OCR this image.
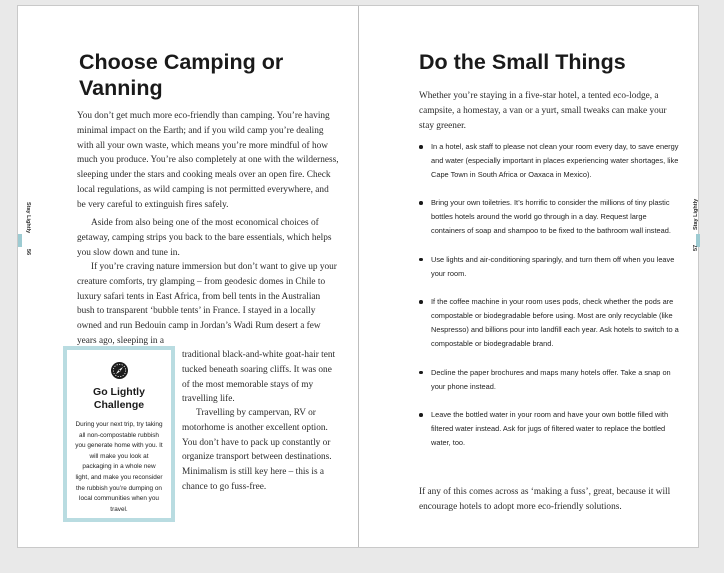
Choose Camping or Vanning

You don’t get much more eco-friendly than camping. You’re having minimal impact on the Earth; and if you wild camp you’re dealing with all your own waste, which means you’re more mindful of how much you produce. You’re also completely at one with the wilderness, sleeping under the stars and cooking meals over an open fire. Check local regulations, as wild camping is not permitted everywhere, and be very careful to extinguish fires safely.

Aside from also being one of the most economical choices of getaway, camping strips you back to the bare essentials, which helps you slow down and tune in.

If you’re craving nature immersion but don’t want to give up your creature comforts, try glamping – from geodesic domes in Chile to luxury safari tents in East Africa, from bell tents in the Australian bush to transparent ‘bubble tents’ in France. I stayed in a locally owned and run Bedouin camp in Jordan’s Wadi Rum desert a few years ago, sleeping in a

traditional black-and-white goat-hair tent tucked beneath soaring cliffs. It was one of the most memorable stays of my travelling life.

Travelling by campervan, RV or motorhome is another excellent option. You don’t have to pack up constantly or organize transport between destinations. Minimalism is still key here – this is a chance to go fuss-free.

Go Lightly Challenge

During your next trip, try taking all non-compostable rubbish you generate home with you. It will make you look at packaging in a whole new light, and make you reconsider the rubbish you’re dumping on local communities when you travel.

Stay Lightly
56
Do the Small Things

Whether you’re staying in a five-star hotel, a tented eco-lodge, a campsite, a homestay, a van or a yurt, small tweaks can make your stay greener.

In a hotel, ask staff to please not clean your room every day, to save energy and water (especially important in places experiencing water shortages, like Cape Town in South Africa or Oaxaca in Mexico).
Bring your own toiletries. It’s horrific to consider the millions of tiny plastic bottles hotels around the world go through in a day. Request large containers of soap and shampoo to be fixed to the bathroom wall instead.
Use lights and air-conditioning sparingly, and turn them off when you leave your room.
If the coffee machine in your room uses pods, check whether the pods are compostable or biodegradable before using. Most are only recyclable (like Nespresso) and billions pour into landfill each year. Ask hotels to switch to a compostable or biodegradable brand.
Decline the paper brochures and maps many hotels offer. Take a snap on your phone instead.
Leave the bottled water in your room and have your own bottle filled with filtered water instead. Ask for jugs of filtered water to replace the bottled water, too.

If any of this comes across as ‘making a fuss’, great, because it will encourage hotels to adopt more eco-friendly solutions.

Stay Lightly
57
